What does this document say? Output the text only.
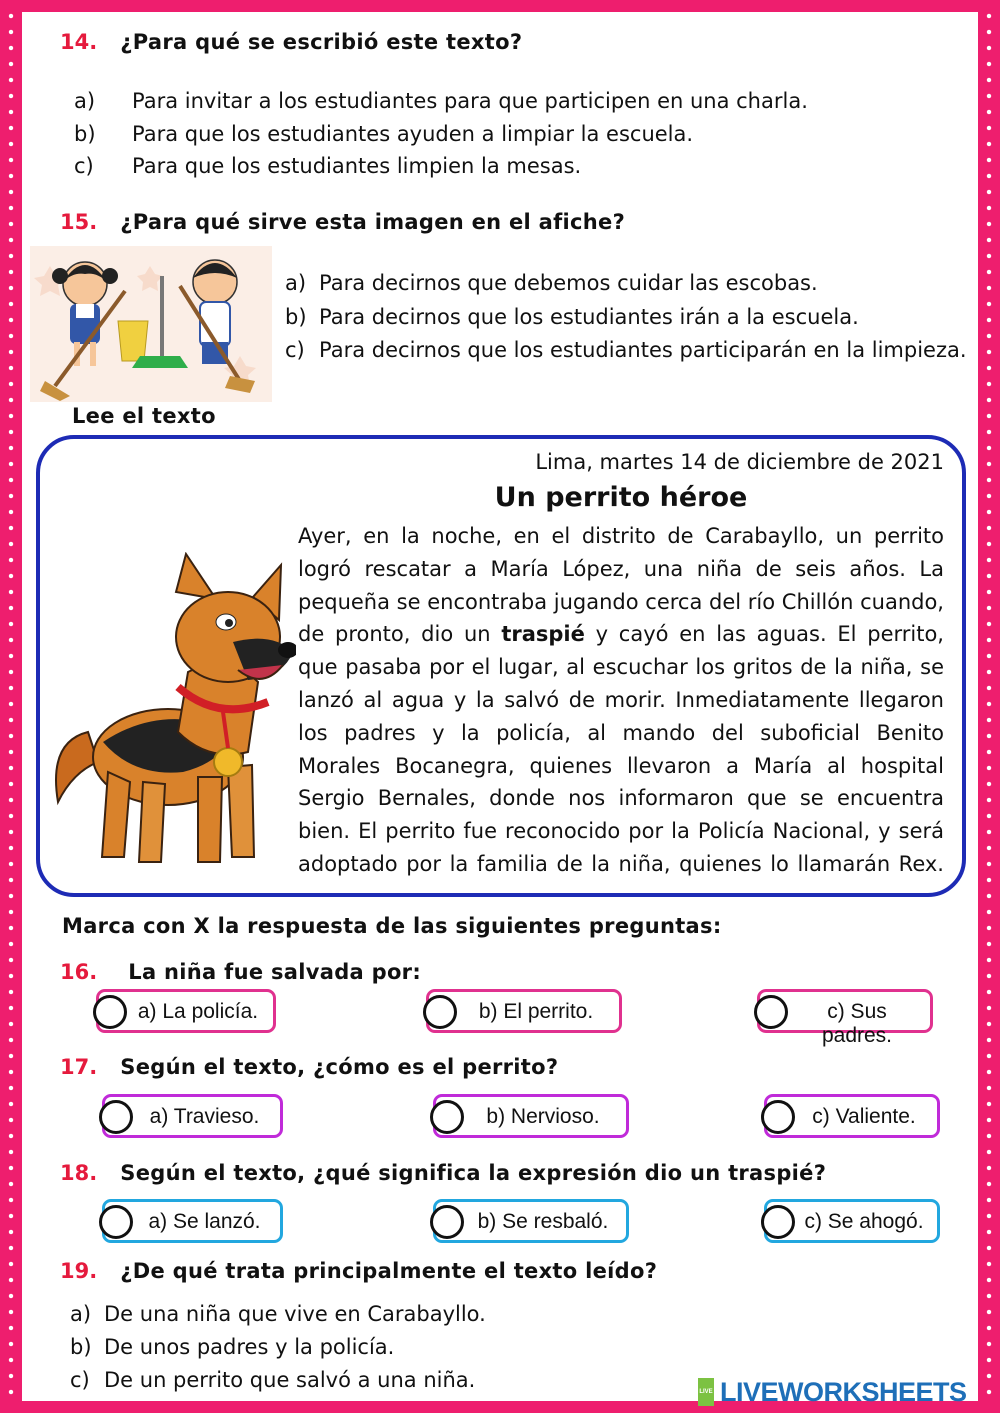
14. ¿Para qué se escribió este texto?
a) Para invitar a los estudiantes para que participen en una charla.
b) Para que los estudiantes ayuden a limpiar la escuela.
c) Para que los estudiantes limpien la mesas.
15. ¿Para qué sirve esta imagen en el afiche?
a) Para decirnos que debemos cuidar las escobas.
b) Para decirnos que los estudiantes irán a la escuela.
c) Para decirnos que los estudiantes participarán en la limpieza.
Lee el texto
Lima, martes 14 de diciembre de 2021
Un perrito héroe
Ayer, en la noche, en el distrito de Carabayllo, un perrito logró rescatar a María López, una niña de seis años. La pequeña se encontraba jugando cerca del río Chillón cuando, de pronto, dio un traspié y cayó en las aguas. El perrito, que pasaba por el lugar, al escuchar los gritos de la niña, se lanzó al agua y la salvó de morir. Inmediatamente llegaron los padres y la policía, al mando del suboficial Benito Morales Bocanegra, quienes llevaron a María al hospital Sergio Bernales, donde nos informaron que se encuentra bien. El perrito fue reconocido por la Policía Nacional, y será adoptado por la familia de la niña, quienes lo llamarán Rex.
Marca con X la respuesta de las siguientes preguntas:
16. La niña fue salvada por:
a) La policía.	b) El perrito.	c) Sus padres.
17. Según el texto, ¿cómo es el perrito?
a) Travieso.	b) Nervioso.	c) Valiente.
18. Según el texto, ¿qué significa la expresión dio un traspié?
a) Se lanzó.	b) Se resbaló.	c) Se ahogó.
19. ¿De qué trata principalmente el texto leído?
a) De una niña que vive en Carabayllo.
b) De unos padres y la policía.
c) De un perrito que salvó a una niña.	LIVE LIVEWORKSHEETS
